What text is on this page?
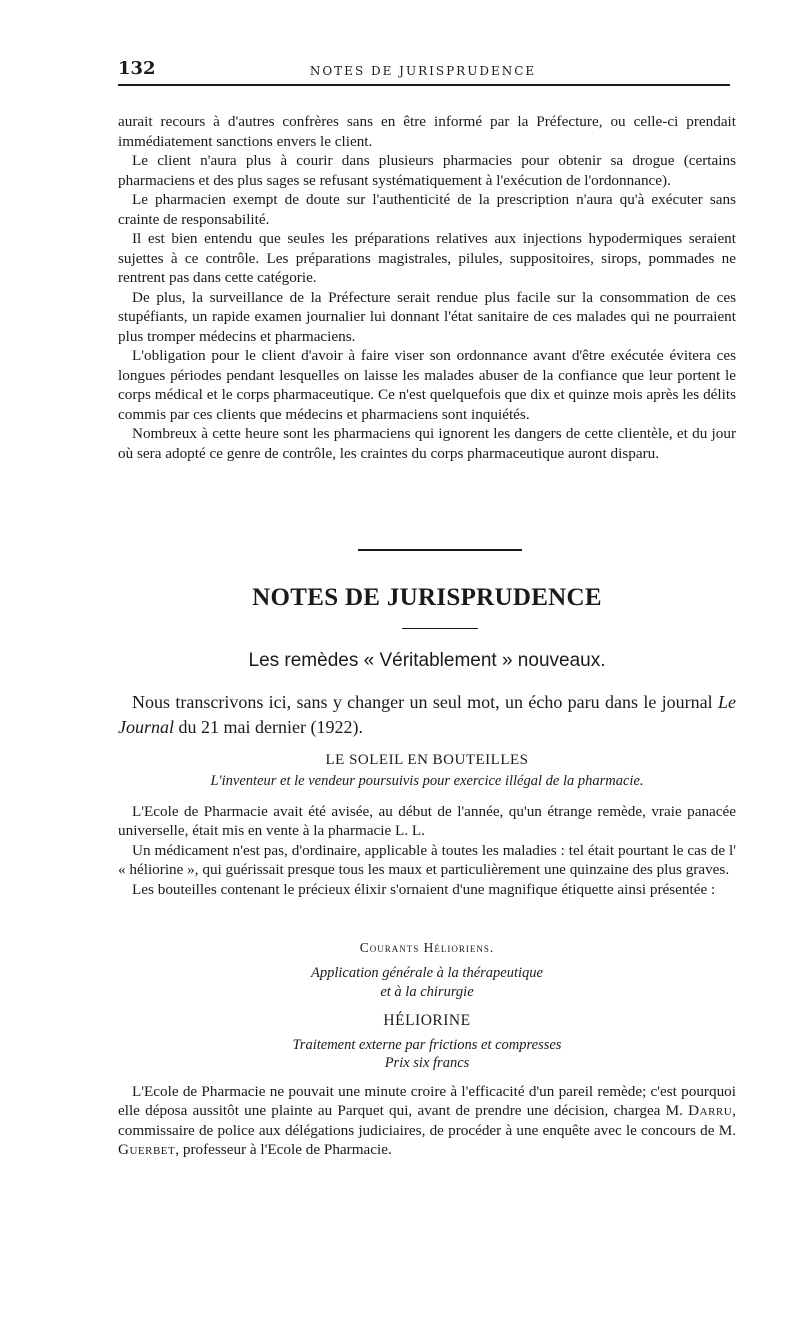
132	NOTES DE JURISPRUDENCE

aurait recours à d'autres confrères sans en être informé par la Préfecture, ou celle-ci prendait immédiatement sanctions envers le client.

Le client n'aura plus à courir dans plusieurs pharmacies pour obtenir sa drogue (certains pharmaciens et des plus sages se refusant systématiquement à l'exécution de l'ordonnance).

Le pharmacien exempt de doute sur l'authenticité de la prescription n'aura qu'à exécuter sans crainte de responsabilité.

Il est bien entendu que seules les préparations relatives aux injections hypodermiques seraient sujettes à ce contrôle. Les préparations magistrales, pilules, suppositoires, sirops, pommades ne rentrent pas dans cette catégorie.

De plus, la surveillance de la Préfecture serait rendue plus facile sur la consommation de ces stupéfiants, un rapide examen journalier lui donnant l'état sanitaire de ces malades qui ne pourraient plus tromper médecins et pharmaciens.

L'obligation pour le client d'avoir à faire viser son ordonnance avant d'être exécutée évitera ces longues périodes pendant lesquelles on laisse les malades abuser de la confiance que leur portent le corps médical et le corps pharmaceutique. Ce n'est quelquefois que dix et quinze mois après les délits commis par ces clients que médecins et pharmaciens sont inquiétés.

Nombreux à cette heure sont les pharmaciens qui ignorent les dangers de cette clientèle, et du jour où sera adopté ce genre de contrôle, les craintes du corps pharmaceutique auront disparu.

NOTES DE JURISPRUDENCE
Les remèdes « Véritablement » nouveaux.

Nous transcrivons ici, sans y changer un seul mot, un écho paru dans le journal Le Journal du 21 mai dernier (1922).

LE SOLEIL EN BOUTEILLES
L'inventeur et le vendeur poursuivis pour exercice illégal de la pharmacie.

L'Ecole de Pharmacie avait été avisée, au début de l'année, qu'un étrange remède, vraie panacée universelle, était mis en vente à la pharmacie L. L.

Un médicament n'est pas, d'ordinaire, applicable à toutes les maladies : tel était pourtant le cas de l' « héliorine », qui guérissait presque tous les maux et particulièrement une quinzaine des plus graves.

Les bouteilles contenant le précieux élixir s'ornaient d'une magnifique étiquette ainsi présentée :

Courants Hélioriens.
Application générale à la thérapeutique
et à la chirurgie
HÉLIORINE
Traitement externe par frictions et compresses
Prix six francs

L'Ecole de Pharmacie ne pouvait une minute croire à l'efficacité d'un pareil remède; c'est pourquoi elle déposa aussitôt une plainte au Parquet qui, avant de prendre une décision, chargea M. Darru, commissaire de police aux délégations judiciaires, de procéder à une enquête avec le concours de M. Guerbet, professeur à l'Ecole de Pharmacie.
